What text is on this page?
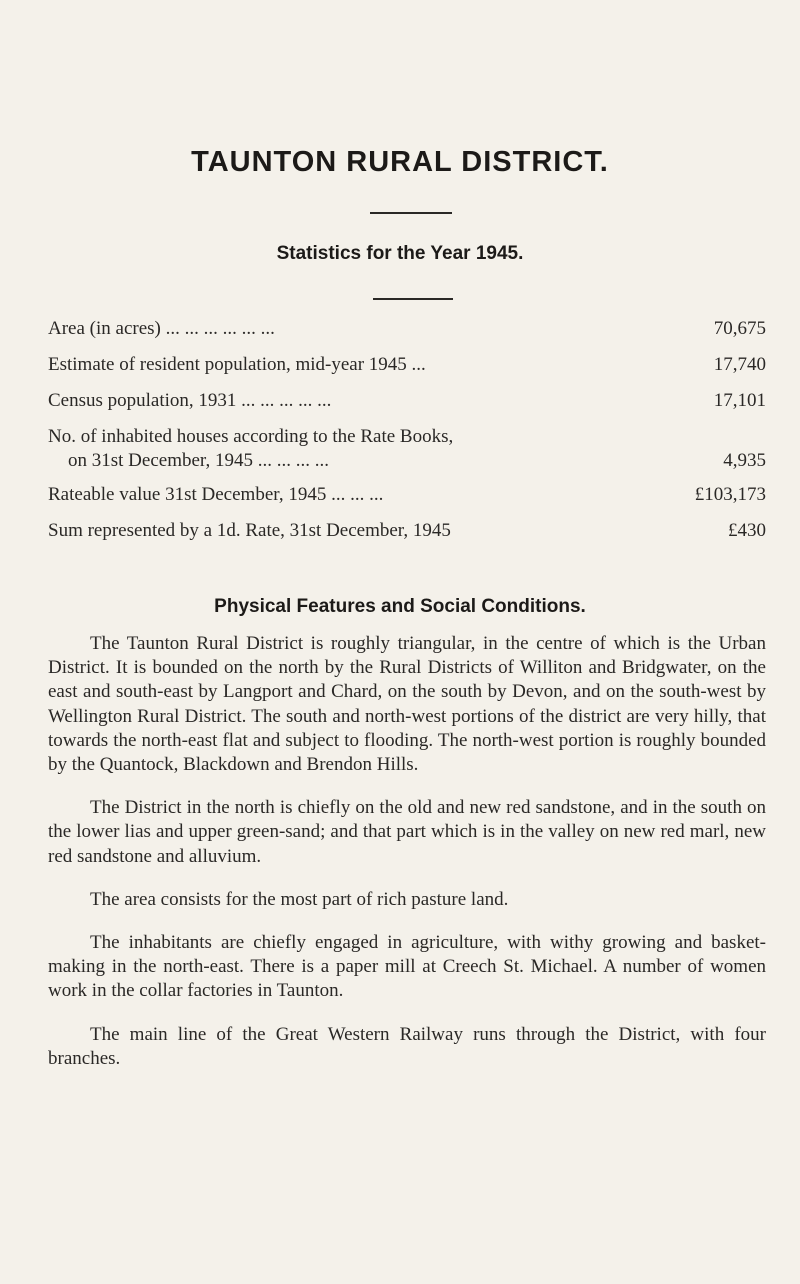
TAUNTON RURAL DISTRICT.
Statistics for the Year 1945.
Area (in acres) ... ... ... ... ... ...	70,675
Estimate of resident population, mid-year 1945 ...	17,740
Census population, 1931 ... ... ... ... ...	17,101
No. of inhabited houses according to the Rate Books,
on 31st December, 1945 ... ... ... ...	4,935
Rateable value 31st December, 1945 ... ... ...	£103,173
Sum represented by a 1d. Rate, 31st December, 1945	£430
Physical Features and Social Conditions.

The Taunton Rural District is roughly triangular, in the centre of which is the Urban District. It is bounded on the north by the Rural Districts of Williton and Bridgwater, on the east and south-east by Langport and Chard, on the south by Devon, and on the south-west by Wellington Rural District. The south and north-west portions of the district are very hilly, that towards the north-east flat and subject to flooding. The north-west portion is roughly bounded by the Quantock, Blackdown and Brendon Hills.

The District in the north is chiefly on the old and new red sandstone, and in the south on the lower lias and upper green-sand; and that part which is in the valley on new red marl, new red sandstone and alluvium.

The area consists for the most part of rich pasture land.

The inhabitants are chiefly engaged in agriculture, with withy growing and basket-making in the north-east. There is a paper mill at Creech St. Michael. A number of women work in the collar factories in Taunton.

The main line of the Great Western Railway runs through the District, with four branches.
